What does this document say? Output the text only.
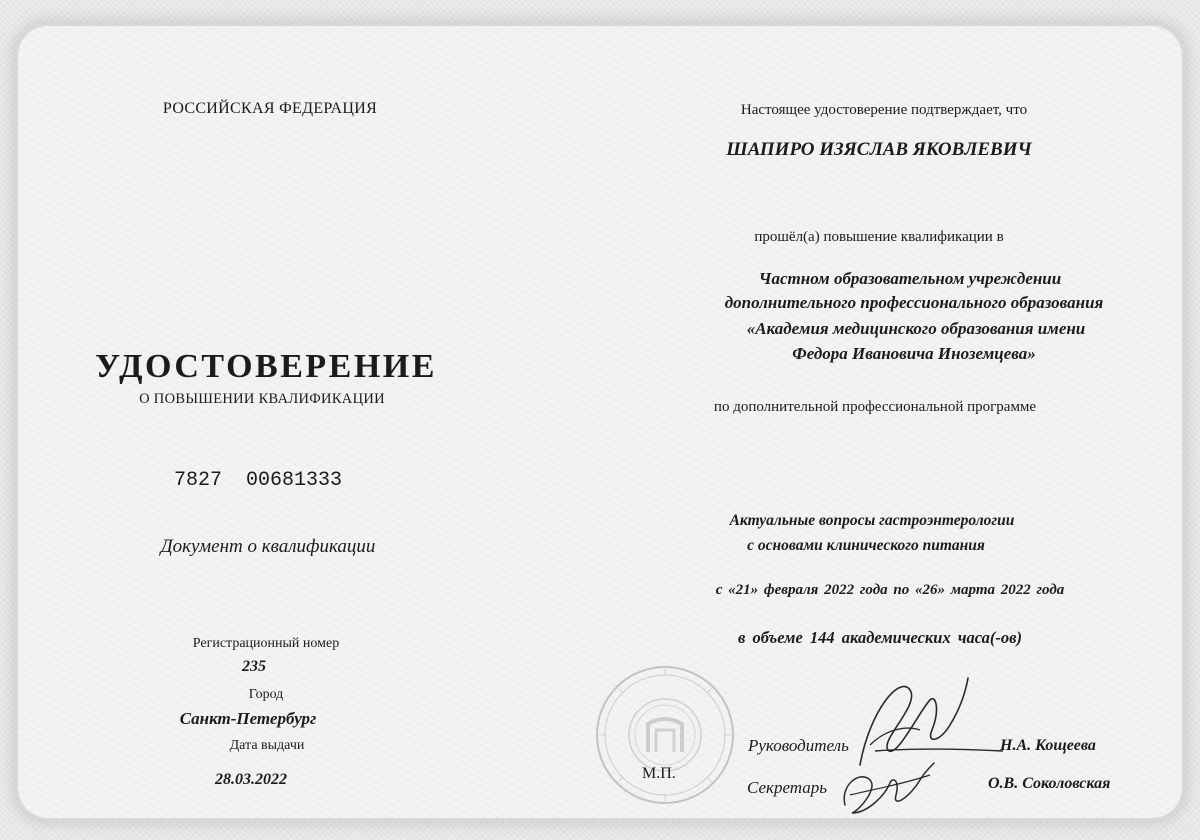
РОССИЙСКАЯ ФЕДЕРАЦИЯ
УДОСТОВЕРЕНИЕ
О ПОВЫШЕНИИ КВАЛИФИКАЦИИ
7827 00681333
Документ о квалификации
Регистрационный номер
235
Город
Санкт-Петербург
Дата выдачи
28.03.2022
Настоящее удостоверение подтверждает, что
ШАПИРО ИЗЯСЛАВ ЯКОВЛЕВИЧ
прошёл(а) повышение квалификации в
Частном образовательном учреждении
дополнительного профессионального образования
«Академия медицинского образования имени
Федора Ивановича Иноземцева»
по дополнительной профессиональной программе
Актуальные вопросы гастроэнтерологии
с основами клинического питания
с «21» февраля 2022 года по «26» марта 2022 года
в объеме 144 академических часа(-ов)
М.П.
Руководитель	Н.А. Кощеева
Секретарь	О.В. Соколовская
